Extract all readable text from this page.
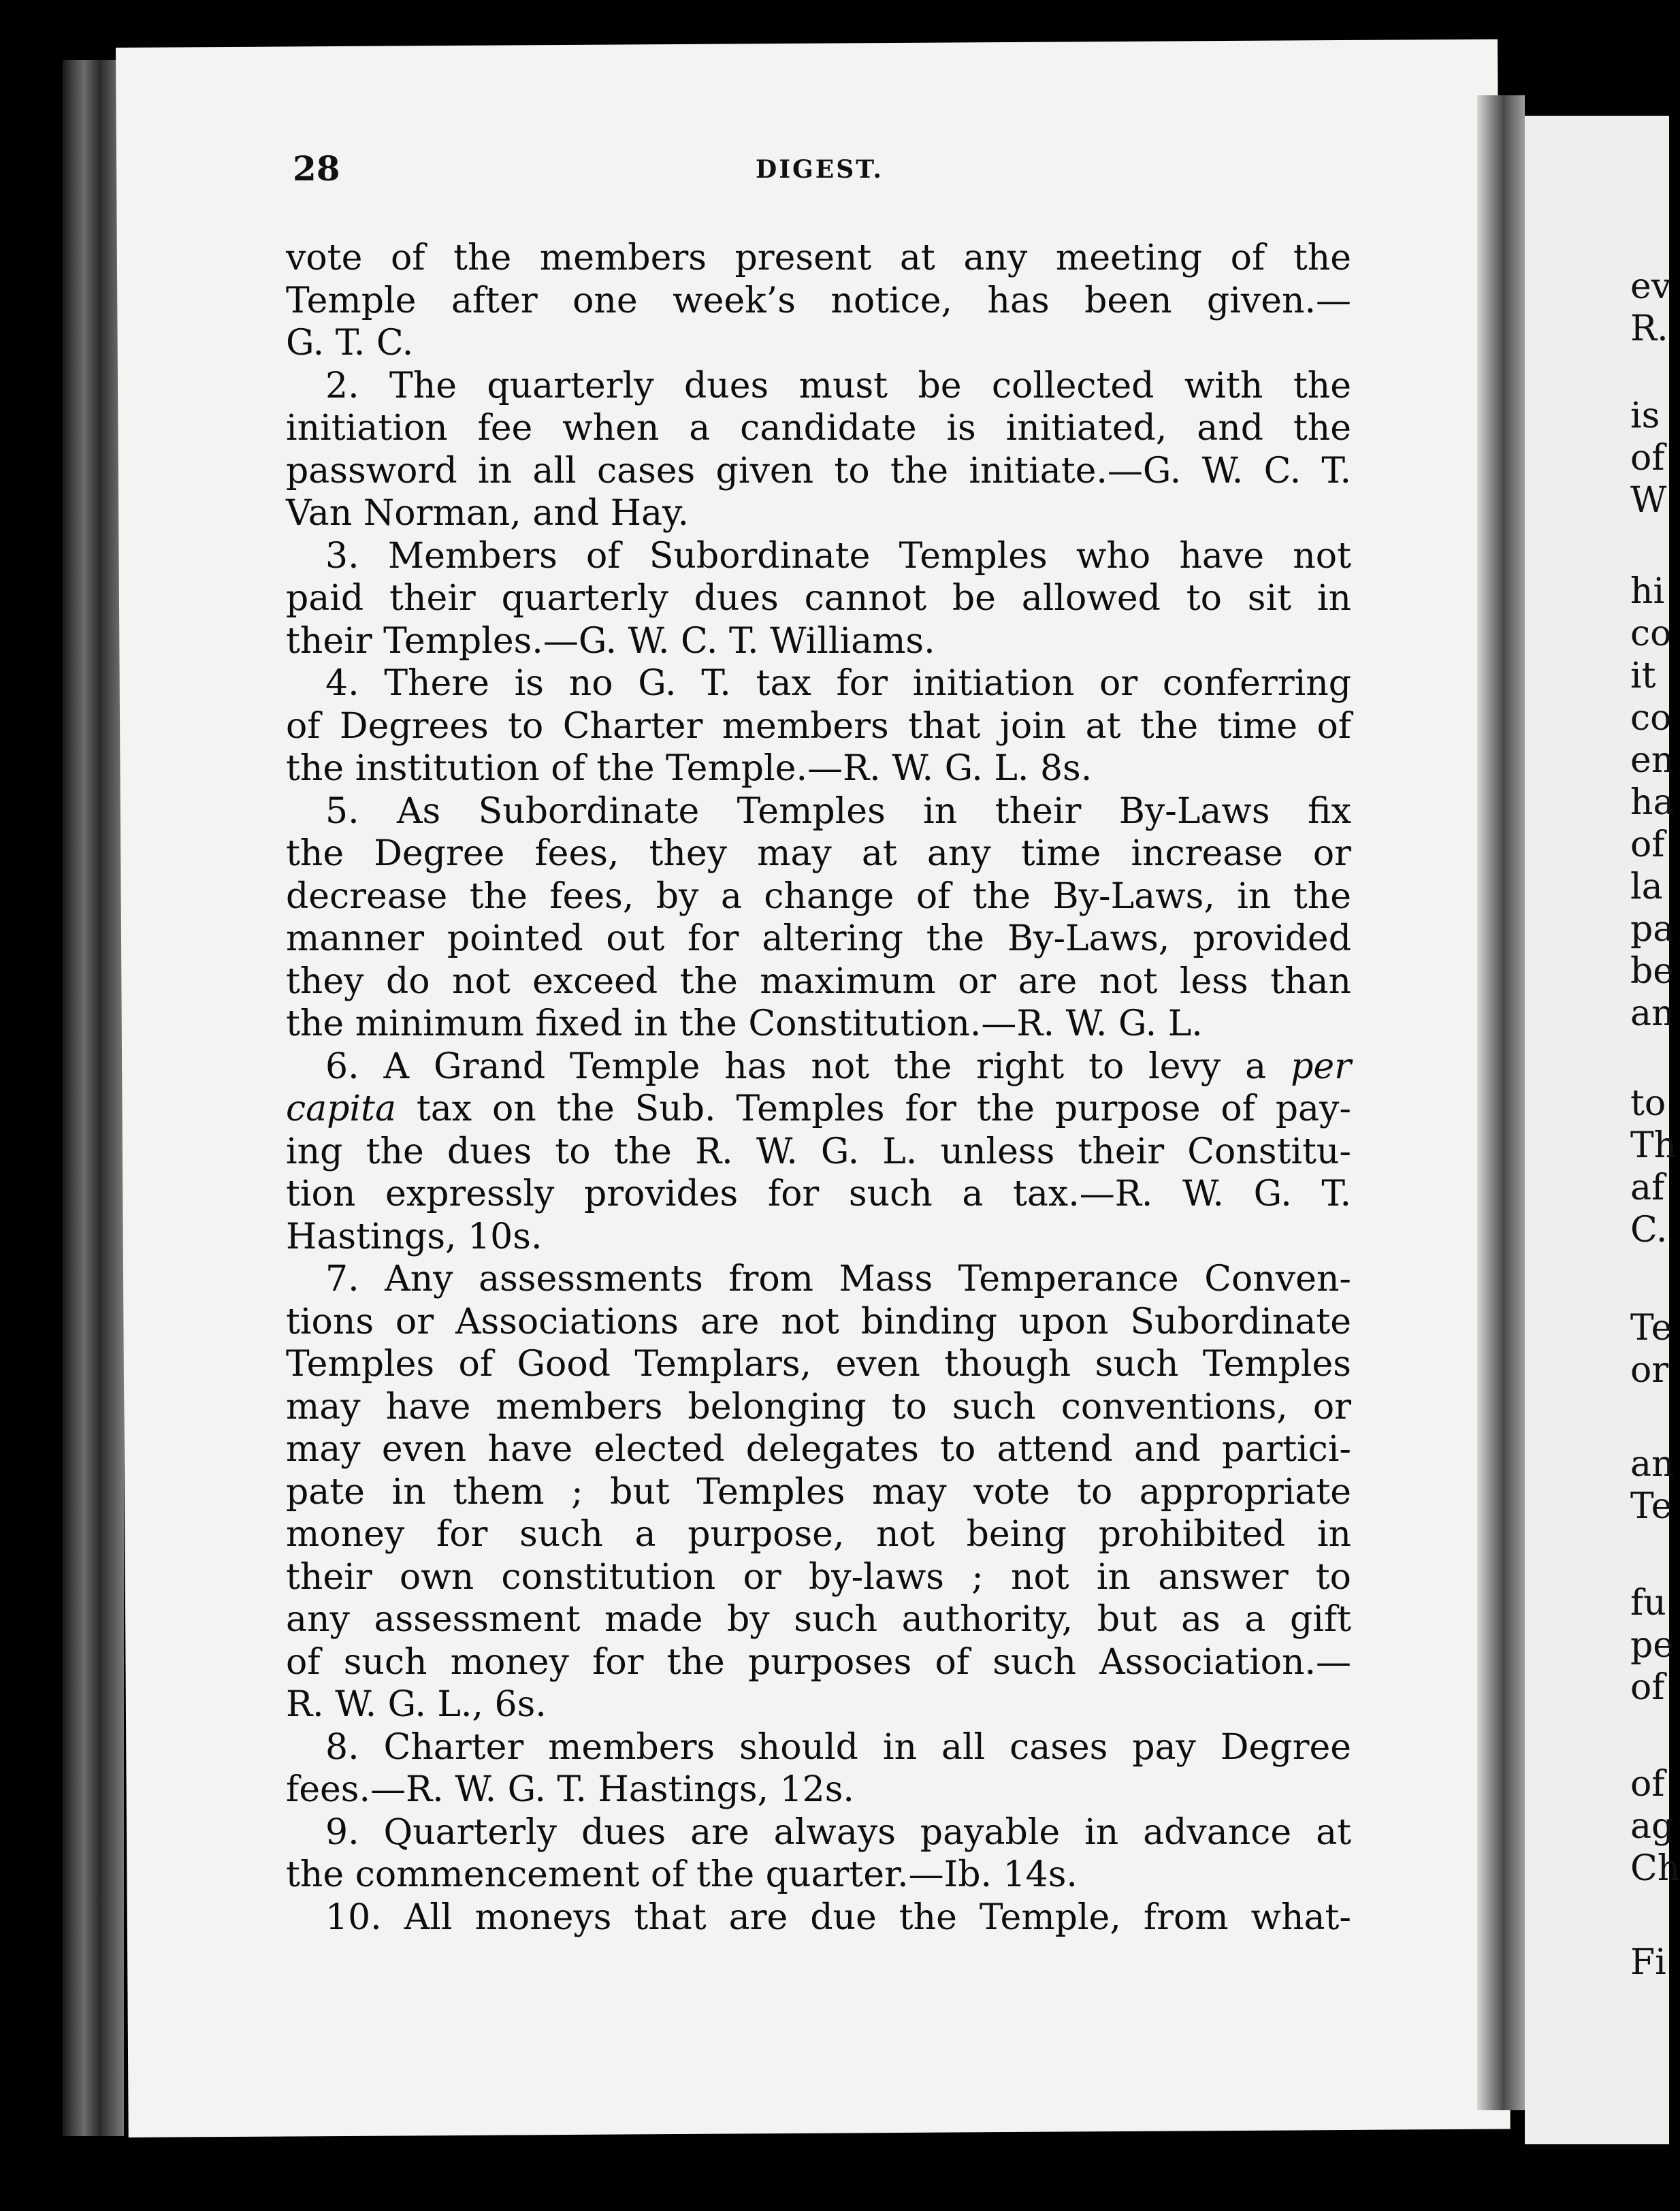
28	DIGEST.
vote of the members present at any meeting of the
Temple after one week’s notice, has been given.—
G. T. C.
2. The quarterly dues must be collected with the
initiation fee when a candidate is initiated, and the
password in all cases given to the initiate.—G. W. C. T.
Van Norman, and Hay.
3. Members of Subordinate Temples who have not
paid their quarterly dues cannot be allowed to sit in
their Temples.—G. W. C. T. Williams.
4. There is no G. T. tax for initiation or conferring
of Degrees to Charter members that join at the time of
the institution of the Temple.—R. W. G. L. 8s.
5. As Subordinate Temples in their By-Laws fix
the Degree fees, they may at any time increase or
decrease the fees, by a change of the By-Laws, in the
manner pointed out for altering the By-Laws, provided
they do not exceed the maximum or are not less than
the minimum fixed in the Constitution.—R. W. G. L.
6. A Grand Temple has not the right to levy a per
capita tax on the Sub. Temples for the purpose of pay-
ing the dues to the R. W. G. L. unless their Constitu-
tion expressly provides for such a tax.—R. W. G. T.
Hastings, 10s.
7. Any assessments from Mass Temperance Conven-
tions or Associations are not binding upon Subordinate
Temples of Good Templars, even though such Temples
may have members belonging to such conventions, or
may even have elected delegates to attend and partici-
pate in them ; but Temples may vote to appropriate
money for such a purpose, not being prohibited in
their own constitution or by-laws ; not in answer to
any assessment made by such authority, but as a gift
of such money for the purposes of such Association.—
R. W. G. L., 6s.
8. Charter members should in all cases pay Degree
fees.—R. W. G. T. Hastings, 12s.
9. Quarterly dues are always payable in advance at
the commencement of the quarter.—Ib. 14s.
10. All moneys that are due the Temple, from what-
ev
R.
is
of
W
hi
co
it
co
en
ha
of
la
pa
be
an
to
Th
af
C.
Te
or
an
Te
fu
pe
of
of
ag
Ch
Fi
